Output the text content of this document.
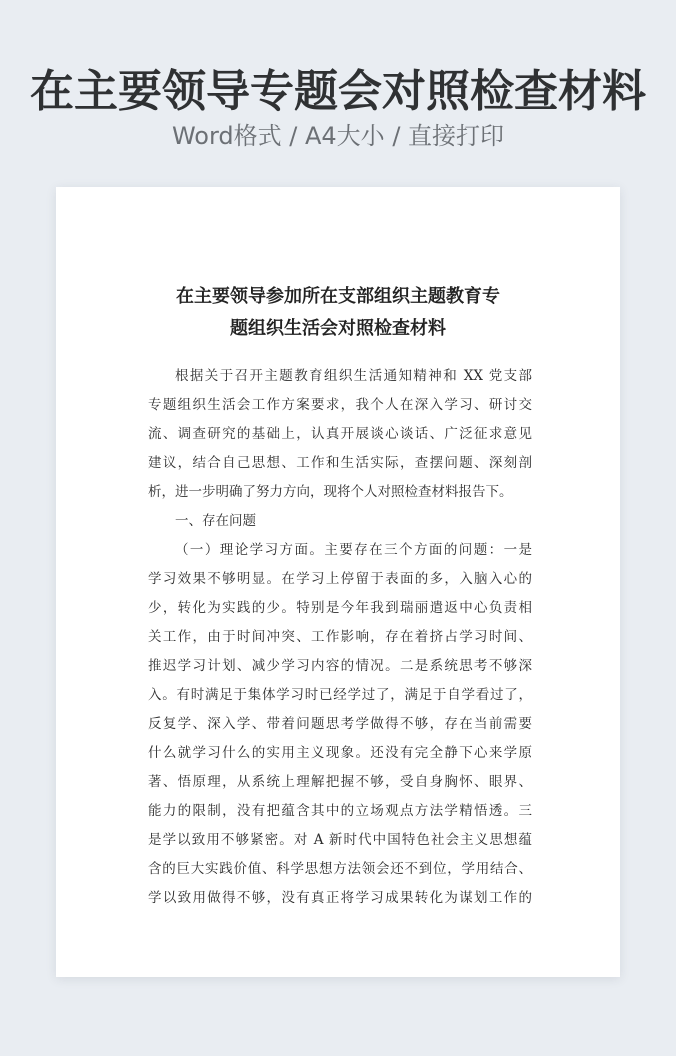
在主要领导专题会对照检查材料
Word格式 / A4大小 / 直接打印
在主要领导参加所在支部组织主题教育专
题组织生活会对照检查材料
根据关于召开主题教育组织生活通知精神和 XX 党支部
专题组织生活会工作方案要求，我个人在深入学习、研讨交
流、调查研究的基础上，认真开展谈心谈话、广泛征求意见
建议，结合自己思想、工作和生活实际，查摆问题、深刻剖
析，进一步明确了努力方向，现将个人对照检查材料报告下。
一、存在问题
（一）理论学习方面。主要存在三个方面的问题：一是
学习效果不够明显。在学习上停留于表面的多，入脑入心的
少，转化为实践的少。特别是今年我到瑞丽遣返中心负责相
关工作，由于时间冲突、工作影响，存在着挤占学习时间、
推迟学习计划、减少学习内容的情况。二是系统思考不够深
入。有时满足于集体学习时已经学过了，满足于自学看过了，
反复学、深入学、带着问题思考学做得不够，存在当前需要
什么就学习什么的实用主义现象。还没有完全静下心来学原
著、悟原理，从系统上理解把握不够，受自身胸怀、眼界、
能力的限制，没有把蕴含其中的立场观点方法学精悟透。三
是学以致用不够紧密。对 A 新时代中国特色社会主义思想蕴
含的巨大实践价值、科学思想方法领会还不到位，学用结合、
学以致用做得不够，没有真正将学习成果转化为谋划工作的
